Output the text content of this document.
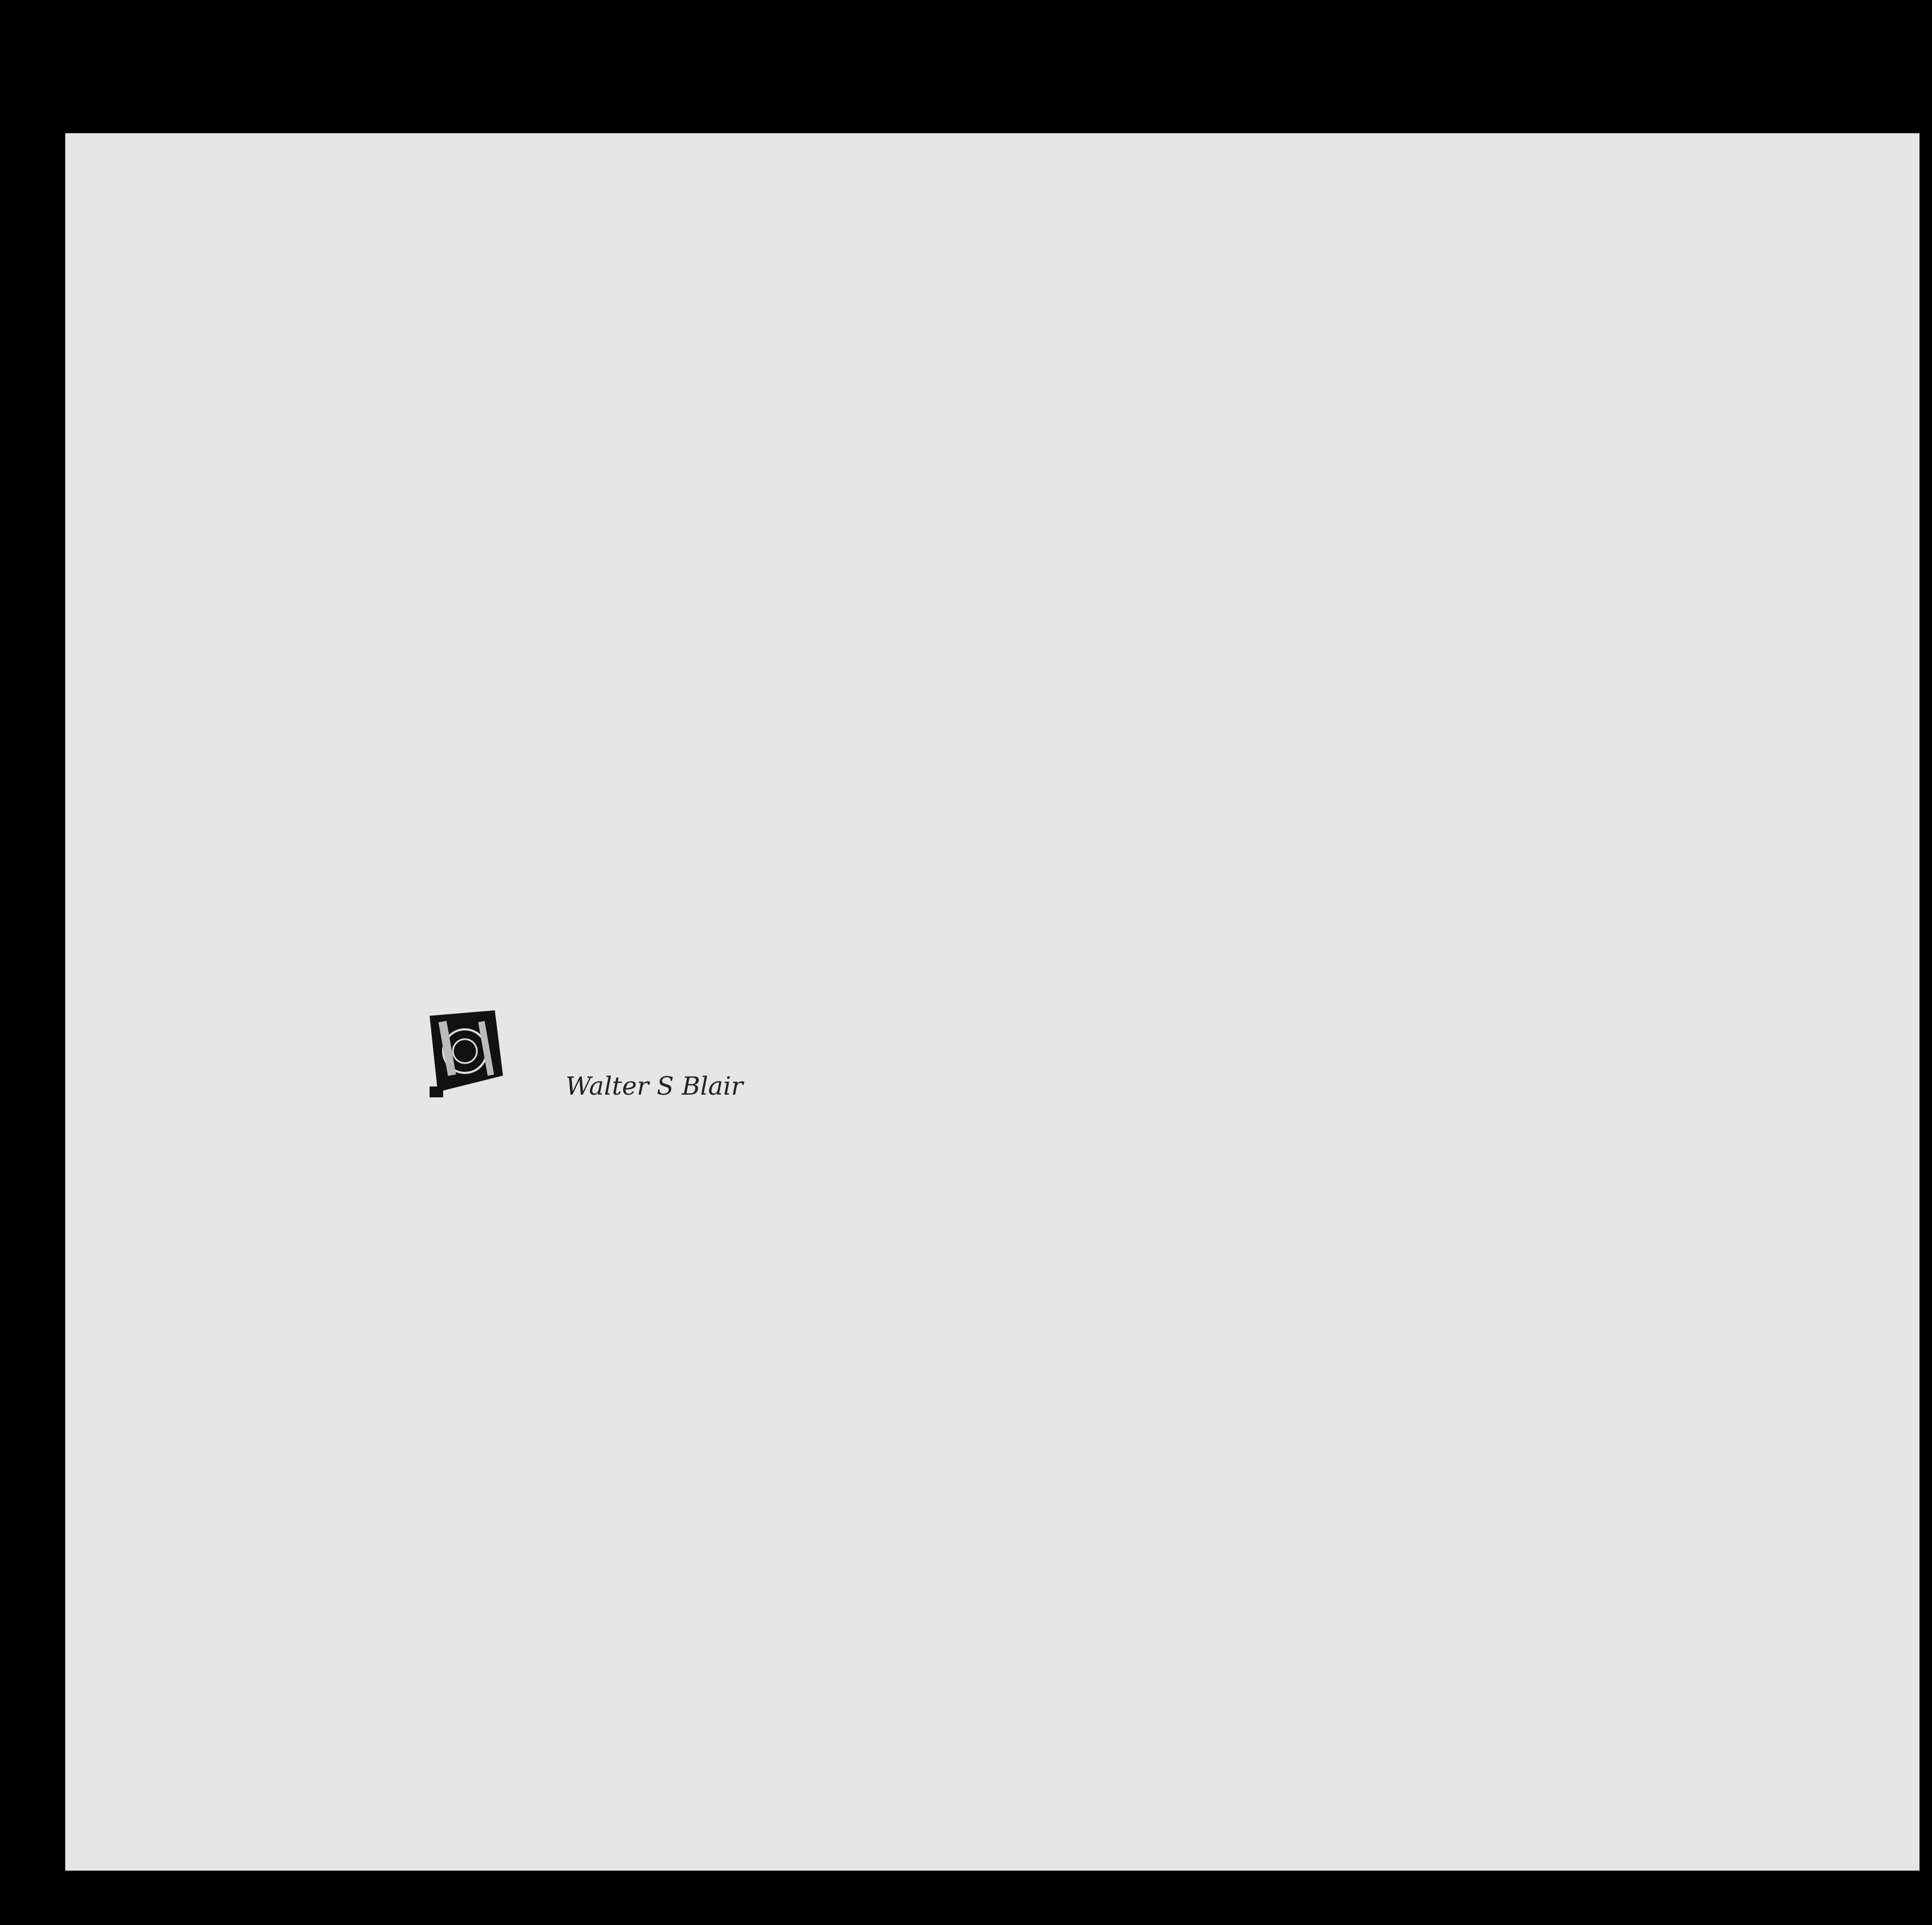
Walter S Blair
